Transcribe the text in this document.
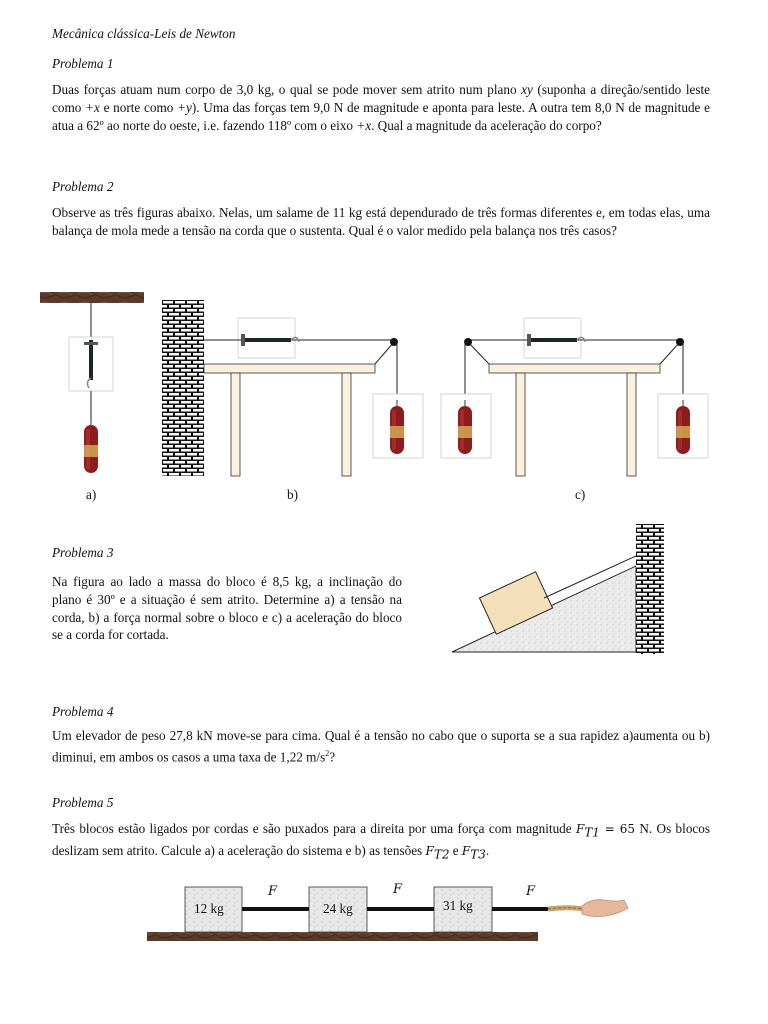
Mecânica clássica-Leis de Newton
Problema 1
Duas forças atuam num corpo de 3,0 kg, o qual se pode mover sem atrito num plano xy (suponha a direção/sentido leste como +x e norte como +y). Uma das forças tem 9,0 N de magnitude e aponta para leste. A outra tem 8,0 N de magnitude e atua a 62º ao norte do oeste, i.e. fazendo 118º com o eixo +x. Qual a magnitude da aceleração do corpo?
Problema 2
Observe as três figuras abaixo. Nelas, um salame de 11 kg está dependurado de três formas diferentes e, em todas elas, uma balança de mola mede a tensão na corda que o sustenta. Qual é o valor medido pela balança nos três casos?
a)	b)	c)
Problema 3
Na figura ao lado a massa do bloco é 8,5 kg, a inclinação do plano é 30º e a situação é sem atrito. Determine a) a tensão na corda, b) a força normal sobre o bloco e c) a aceleração do bloco se a corda for cortada.
Problema 4
Um elevador de peso 27,8 kN move-se para cima. Qual é a tensão no cabo que o suporta se a sua rapidez a)aumenta ou b) diminui, em ambos os casos a uma taxa de 1,22 $m/s^2$?
Problema 5
Três blocos estão ligados por cordas e são puxados para a direita por uma força com magnitude $F_{T1} = 65$ N. Os blocos deslizam sem atrito. Calcule a) a aceleração do sistema e b) as tensões $F_{T2}$ e $F_{T3}$.
12 kg	24 kg	31 kg
F	F	F
